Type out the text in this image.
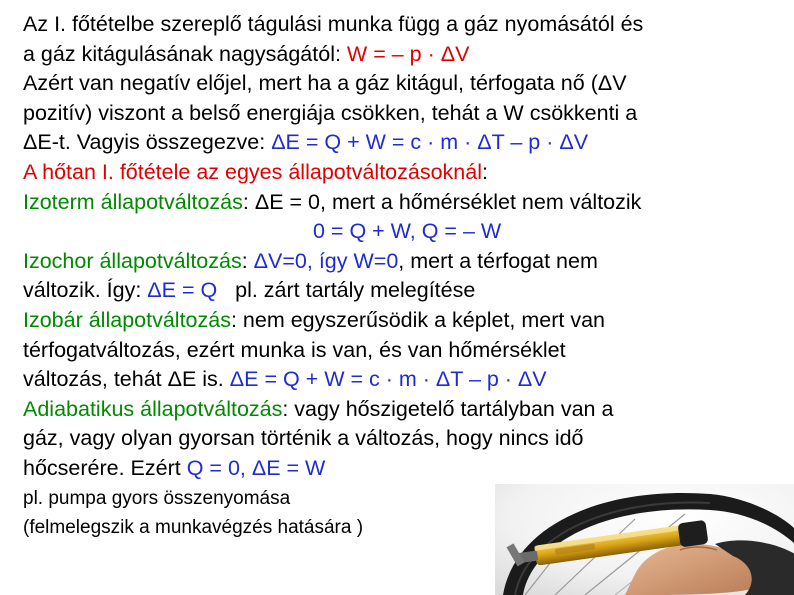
Az I. főtételbe szereplő tágulási munka függ a gáz nyomásától és
a gáz kitágulásának nagyságától: W = – p · ΔV
Azért van negatív előjel, mert ha a gáz kitágul, térfogata nő (ΔV
pozitív) viszont a belső energiája csökken, tehát a W csökkenti a
ΔE-t. Vagyis összegezve: ΔE = Q + W = c · m · ΔT – p · ΔV
A hőtan I. főtétele az egyes állapotváltozásoknál:
Izoterm állapotváltozás: ΔE = 0, mert a hőmérséklet nem változik
0 = Q + W, Q = – W
Izochor állapotváltozás: ΔV=0, így W=0, mert a térfogat nem
változik. Így: ΔE = Q   pl. zárt tartály melegítése
Izobár állapotváltozás: nem egyszerűsödik a képlet, mert van
térfogatváltozás, ezért munka is van, és van hőmérséklet
változás, tehát ΔE is. ΔE = Q + W = c · m · ΔT – p · ΔV
Adiabatikus állapotváltozás: vagy hőszigetelő tartályban van a
gáz, vagy olyan gyorsan történik a változás, hogy nincs idő
hőcserére. Ezért Q = 0, ΔE = W
pl. pumpa gyors összenyomása
(felmelegszik a munkavégzés hatására )
